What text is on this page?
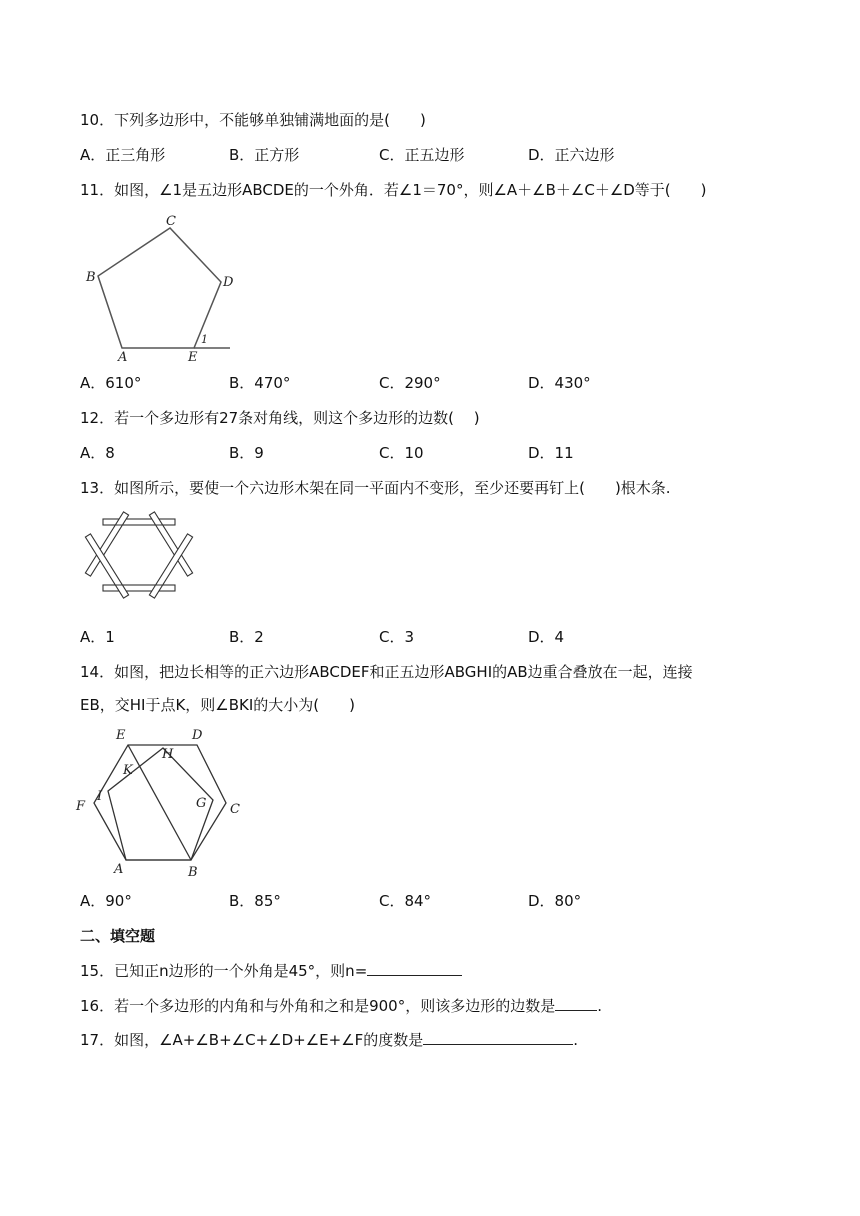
10．下列多边形中，不能够单独铺满地面的是(　　)
A．正三角形	B．正方形	C．正五边形	D．正六边形
11．如图，∠1是五边形ABCDE的一个外角．若∠1＝70°，则∠A＋∠B＋∠C＋∠D等于(　　)
A
B
C
D
E
1
A．610°	B．470°	C．290°	D．430°
12．若一个多边形有27条对角线，则这个多边形的边数(　 )
A．8	B．9	C．10	D．11
13．如图所示，要使一个六边形木架在同一平面内不变形，至少还要再钉上(　　)根木条.
A．1	B．2	C．3	D．4
14．如图，把边长相等的正六边形ABCDEF和正五边形ABGHI的AB边重合叠放在一起，连接
EB，交HI于点K，则∠BKI的大小为(　　)
A	B
C
D
E
F	G
H
I
K
A．90°	B．85°	C．84°	D．80°
二、填空题
15．已知正n边形的一个外角是45°，则n=
16．若一个多边形的内角和与外角和之和是900°，则该多边形的边数是	.
17．如图，∠A+∠B+∠C+∠D+∠E+∠F的度数是	.
